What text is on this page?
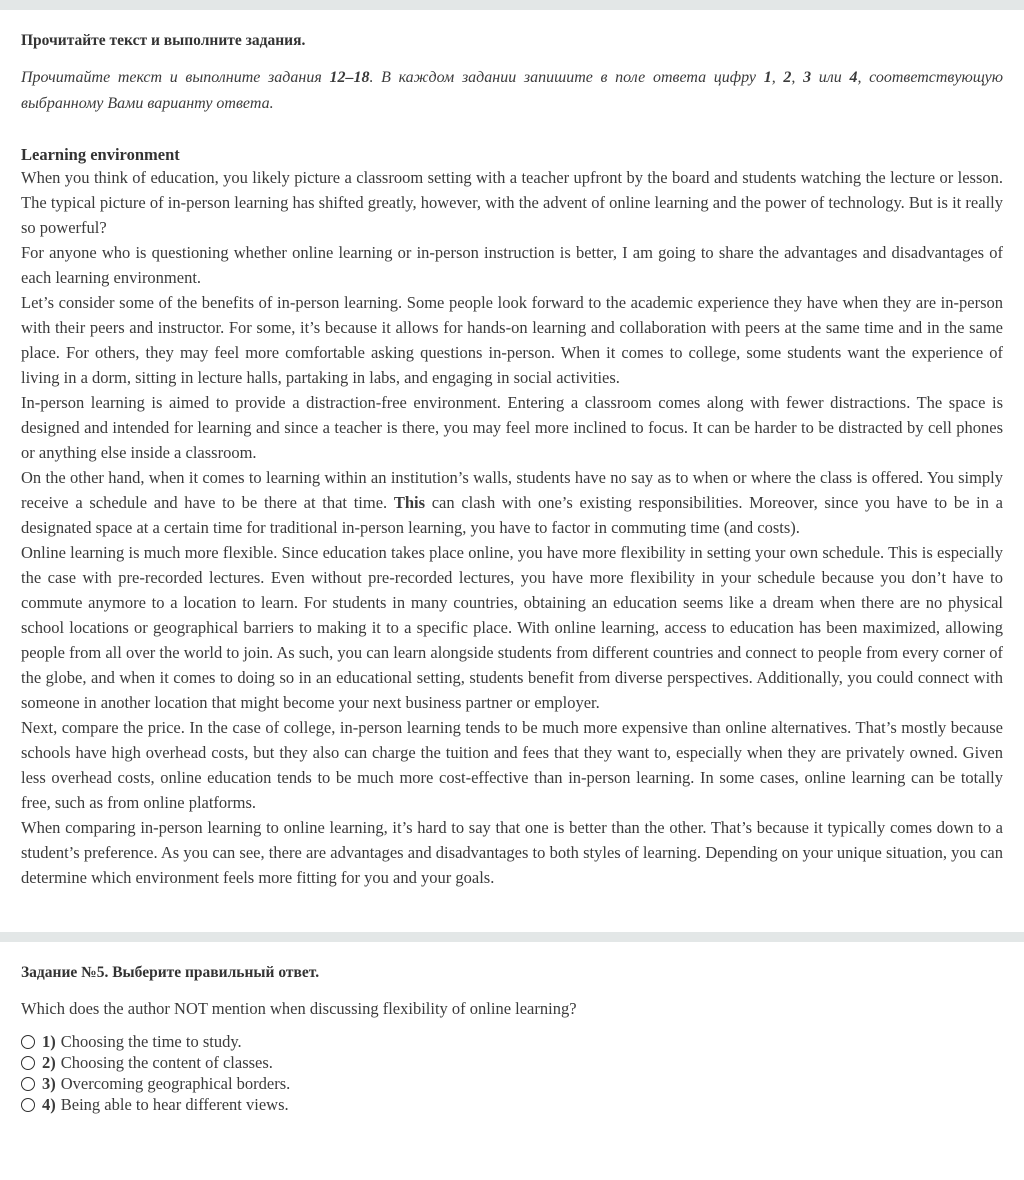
Прочитайте текст и выполните задания.
Прочитайте текст и выполните задания 12–18. В каждом задании запишите в поле ответа цифру 1, 2, 3 или 4, соответствующую выбранному Вами варианту ответа.
Learning environment

When you think of education, you likely picture a classroom setting with a teacher upfront by the board and students watching the lecture or lesson. The typical picture of in-person learning has shifted greatly, however, with the advent of online learning and the power of technology. But is it really so powerful?

For anyone who is questioning whether online learning or in-person instruction is better, I am going to share the advantages and disadvantages of each learning environment.

Let’s consider some of the benefits of in-person learning. Some people look forward to the academic experience they have when they are in-person with their peers and instructor. For some, it’s because it allows for hands-on learning and collaboration with peers at the same time and in the same place. For others, they may feel more comfortable asking questions in-person. When it comes to college, some students want the experience of living in a dorm, sitting in lecture halls, partaking in labs, and engaging in social activities.

In-person learning is aimed to provide a distraction-free environment. Entering a classroom comes along with fewer distractions. The space is designed and intended for learning and since a teacher is there, you may feel more inclined to focus. It can be harder to be distracted by cell phones or anything else inside a classroom.

On the other hand, when it comes to learning within an institution’s walls, students have no say as to when or where the class is offered. You simply receive a schedule and have to be there at that time. This can clash with one’s existing responsibilities. Moreover, since you have to be in a designated space at a certain time for traditional in-person learning, you have to factor in commuting time (and costs).

Online learning is much more flexible. Since education takes place online, you have more flexibility in setting your own schedule. This is especially the case with pre-recorded lectures. Even without pre-recorded lectures, you have more flexibility in your schedule because you don’t have to commute anymore to a location to learn. For students in many countries, obtaining an education seems like a dream when there are no physical school locations or geographical barriers to making it to a specific place. With online learning, access to education has been maximized, allowing people from all over the world to join. As such, you can learn alongside students from different countries and connect to people from every corner of the globe, and when it comes to doing so in an educational setting, students benefit from diverse perspectives. Additionally, you could connect with someone in another location that might become your next business partner or employer.

Next, compare the price. In the case of college, in-person learning tends to be much more expensive than online alternatives. That’s mostly because schools have high overhead costs, but they also can charge the tuition and fees that they want to, especially when they are privately owned. Given less overhead costs, online education tends to be much more cost-effective than in-person learning. In some cases, online learning can be totally free, such as from online platforms.

When comparing in-person learning to online learning, it’s hard to say that one is better than the other. That’s because it typically comes down to a student’s preference. As you can see, there are advantages and disadvantages to both styles of learning. Depending on your unique situation, you can determine which environment feels more fitting for you and your goals.

Задание №5. Выберите правильный ответ.
Which does the author NOT mention when discussing flexibility of online learning?
1) Choosing the time to study.
2) Choosing the content of classes.
3) Overcoming geographical borders.
4) Being able to hear different views.
